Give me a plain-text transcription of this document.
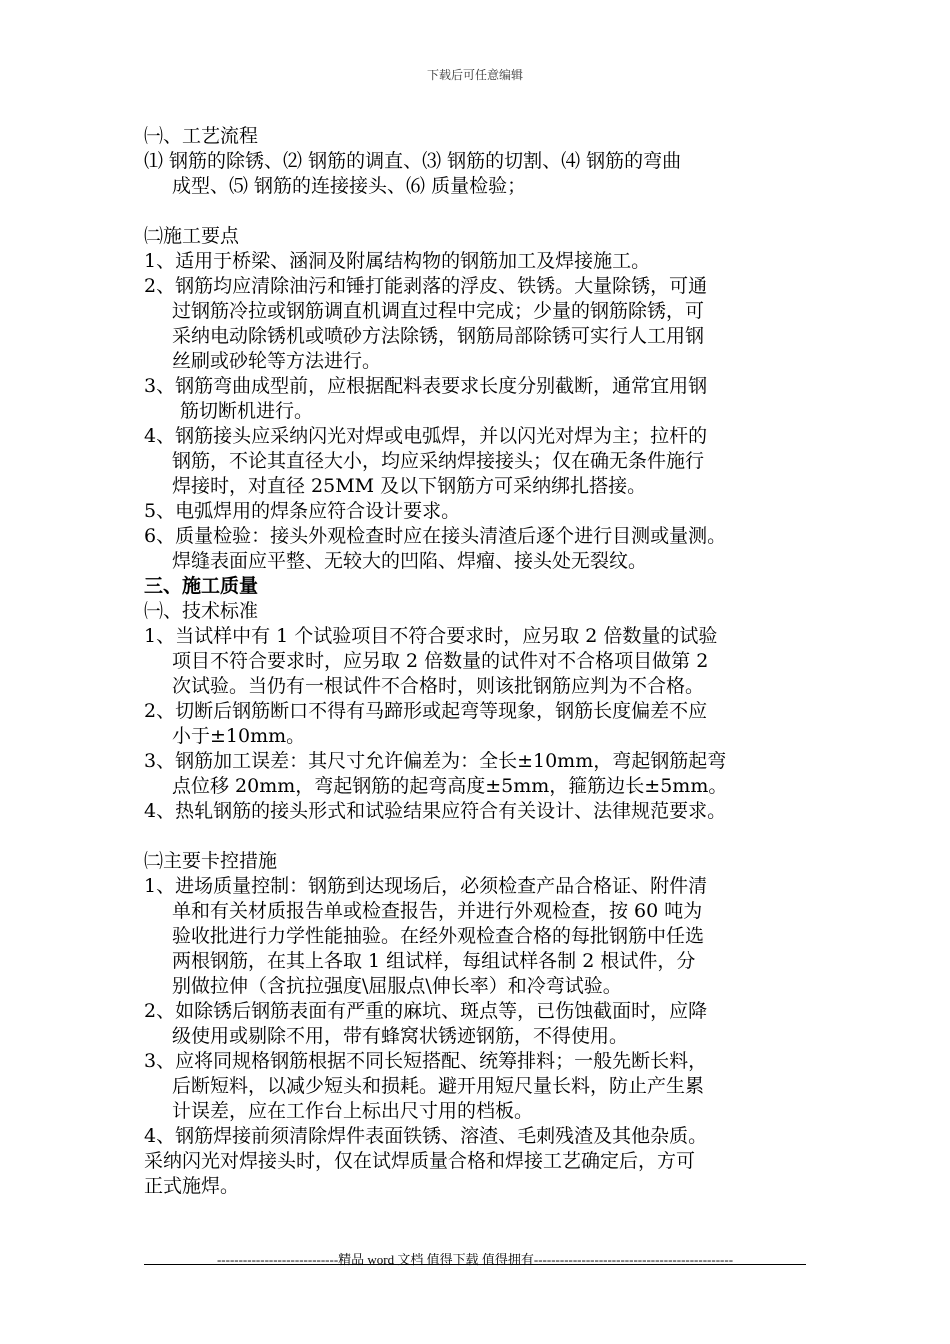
下载后可任意编辑
㈠、工艺流程
⑴ 钢筋的除锈、⑵ 钢筋的调直、⑶ 钢筋的切割、⑷ 钢筋的弯曲
成型、⑸ 钢筋的连接接头、⑹ 质量检验；
㈡施工要点
1、适用于桥梁、涵洞及附属结构物的钢筋加工及焊接施工。
2、钢筋均应清除油污和锤打能剥落的浮皮、铁锈。大量除锈，可通
过钢筋冷拉或钢筋调直机调直过程中完成；少量的钢筋除锈，可
采纳电动除锈机或喷砂方法除锈，钢筋局部除锈可实行人工用钢
丝刷或砂轮等方法进行。
3、钢筋弯曲成型前，应根据配料表要求长度分别截断，通常宜用钢
筋切断机进行。
4、钢筋接头应采纳闪光对焊或电弧焊，并以闪光对焊为主；拉杆的
钢筋，不论其直径大小，均应采纳焊接接头；仅在确无条件施行
焊接时，对直径 25MM 及以下钢筋方可采纳绑扎搭接。
5、电弧焊用的焊条应符合设计要求。
6、质量检验：接头外观检查时应在接头清渣后逐个进行目测或量测。
焊缝表面应平整、无较大的凹陷、焊瘤、接头处无裂纹。
三、施工质量
㈠、技术标准
1、当试样中有 1 个试验项目不符合要求时，应另取 2 倍数量的试验
项目不符合要求时，应另取 2 倍数量的试件对不合格项目做第 2
次试验。当仍有一根试件不合格时，则该批钢筋应判为不合格。
2、切断后钢筋断口不得有马蹄形或起弯等现象，钢筋长度偏差不应
小于±10mm。
3、钢筋加工误差：其尺寸允许偏差为：全长±10mm，弯起钢筋起弯
点位移 20mm，弯起钢筋的起弯高度±5mm，箍筋边长±5mm。
4、热轧钢筋的接头形式和试验结果应符合有关设计、法律规范要求。
㈡主要卡控措施
1、进场质量控制：钢筋到达现场后，必须检查产品合格证、附件清
单和有关材质报告单或检查报告，并进行外观检查，按 60 吨为
验收批进行力学性能抽验。在经外观检查合格的每批钢筋中任选
两根钢筋，在其上各取 1 组试样，每组试样各制 2 根试件，分
别做拉伸（含抗拉强度\屈服点\伸长率）和冷弯试验。
2、如除锈后钢筋表面有严重的麻坑、斑点等，已伤蚀截面时，应降
级使用或剔除不用，带有蜂窝状锈迹钢筋，不得使用。
3、应将同规格钢筋根据不同长短搭配、统筹排料；一般先断长料，
后断短料，以减少短头和损耗。避开用短尺量长料，防止产生累
计误差，应在工作台上标出尺寸用的档板。
4、钢筋焊接前须清除焊件表面铁锈、溶渣、毛刺残渣及其他杂质。
采纳闪光对焊接头时，仅在试焊质量合格和焊接工艺确定后，方可
正式施焊。
----------------------------精品 word 文档 值得下载 值得拥有----------------------------------------------
